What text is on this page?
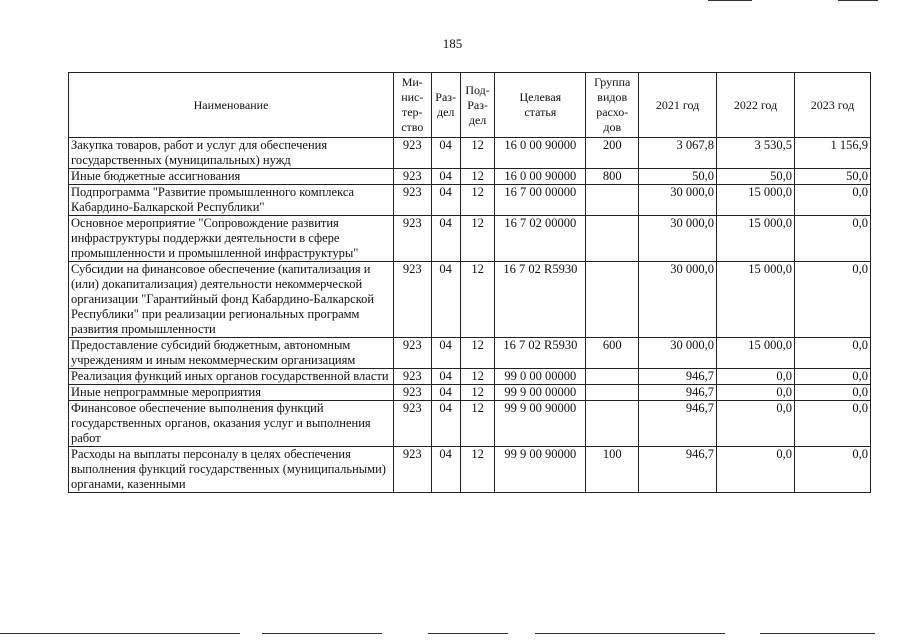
185
Наименование	Ми-
нис-
тер-
ство	Раз-
дел	Под-
Раз-
дел	Целевая
статья	Группа
видов
расхо-
дов	2021 год	2022 год	2023 год
Закупка товаров, работ и услуг для обеспечения государственных (муниципальных) нужд	923	04	12	16 0 00 90000	200	3 067,8	3 530,5	1 156,9
Иные бюджетные ассигнования	923	04	12	16 0 00 90000	800	50,0	50,0	50,0
Подпрограмма "Развитие промышленного комплекса Кабардино-Балкарской Республики"	923	04	12	16 7 00 00000		30 000,0	15 000,0	0,0
Основное мероприятие "Сопровождение развития инфраструктуры поддержки деятельности в сфере промышленности и промышленной инфраструктуры"	923	04	12	16 7 02 00000		30 000,0	15 000,0	0,0
Субсидии на финансовое обеспечение (капитализация и (или) докапитализация) деятельности некоммерческой организации "Гарантийный фонд Кабардино-Балкарской Республики" при реализации региональных программ развития промышленности	923	04	12	16 7 02 R5930		30 000,0	15 000,0	0,0
Предоставление субсидий бюджетным, автономным учреждениям и иным некоммерческим организациям	923	04	12	16 7 02 R5930	600	30 000,0	15 000,0	0,0
Реализация функций иных органов государственной власти	923	04	12	99 0 00 00000		946,7	0,0	0,0
Иные непрограммные мероприятия	923	04	12	99 9 00 00000		946,7	0,0	0,0
Финансовое обеспечение выполнения функций государственных органов, оказания услуг и выполнения работ	923	04	12	99 9 00 90000		946,7	0,0	0,0
Расходы на выплаты персоналу в целях обеспечения выполнения функций государственных (муниципальными) органами, казенными	923	04	12	99 9 00 90000	100	946,7	0,0	0,0
